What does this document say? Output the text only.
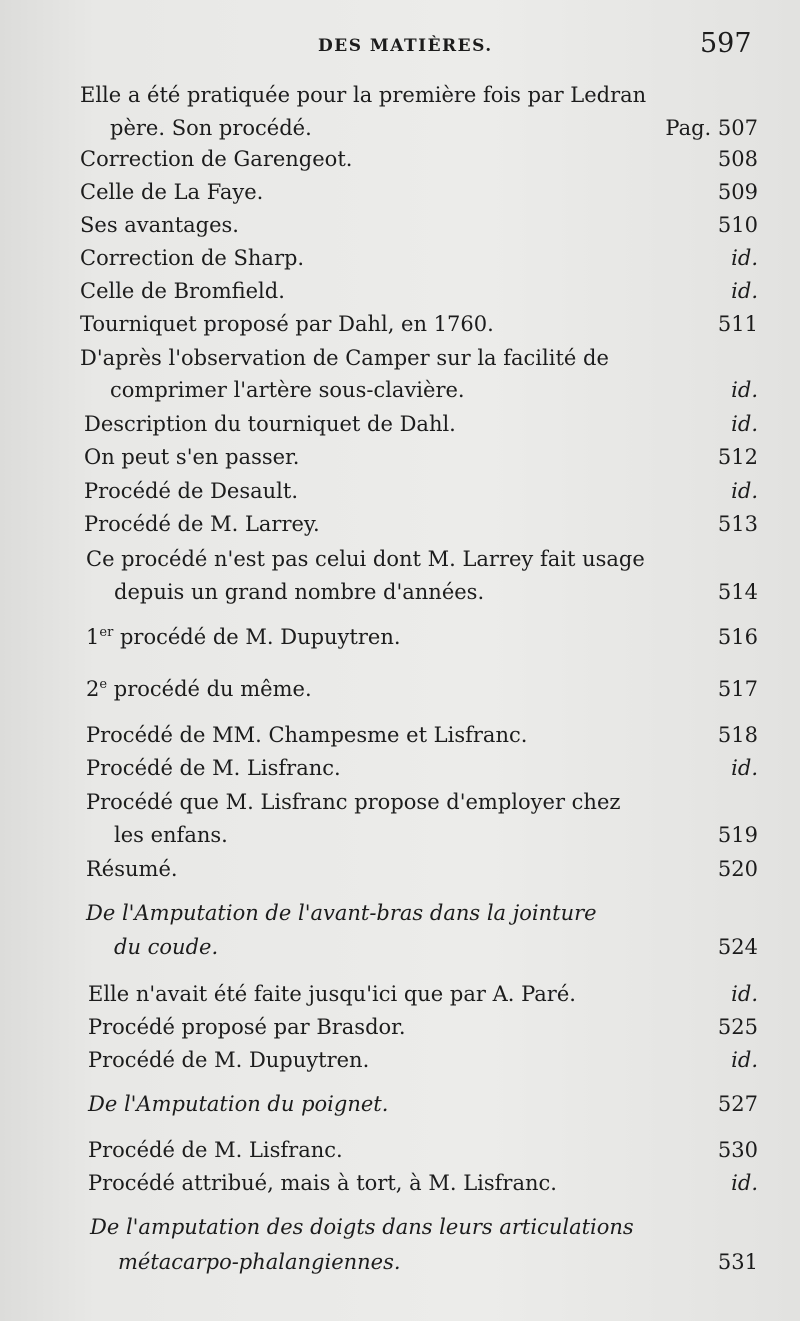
DES MATIÈRES.	597
Elle a été pratiquée pour la première fois par Ledran
père. Son procédé.	Pag. 507
Correction de Garengeot.	508
Celle de La Faye.	509
Ses avantages.	510
Correction de Sharp.	id.
Celle de Bromfield.	id.
Tourniquet proposé par Dahl, en 1760.	511
D'après l'observation de Camper sur la facilité de
comprimer l'artère sous-clavière.	id.
Description du tourniquet de Dahl.	id.
On peut s'en passer.	512
Procédé de Desault.	id.
Procédé de M. Larrey.	513
Ce procédé n'est pas celui dont M. Larrey fait usage
depuis un grand nombre d'années.	514
1er procédé de M. Dupuytren.	516
2e procédé du même.	517
Procédé de MM. Champesme et Lisfranc.	518
Procédé de M. Lisfranc.	id.
Procédé que M. Lisfranc propose d'employer chez
les enfans.	519
Résumé.	520
De l'Amputation de l'avant-bras dans la jointure
du coude.	524
Elle n'avait été faite jusqu'ici que par A. Paré.	id.
Procédé proposé par Brasdor.	525
Procédé de M. Dupuytren.	id.
De l'Amputation du poignet.	527
Procédé de M. Lisfranc.	530
Procédé attribué, mais à tort, à M. Lisfranc.	id.
De l'amputation des doigts dans leurs articulations
métacarpo-phalangiennes.	531
